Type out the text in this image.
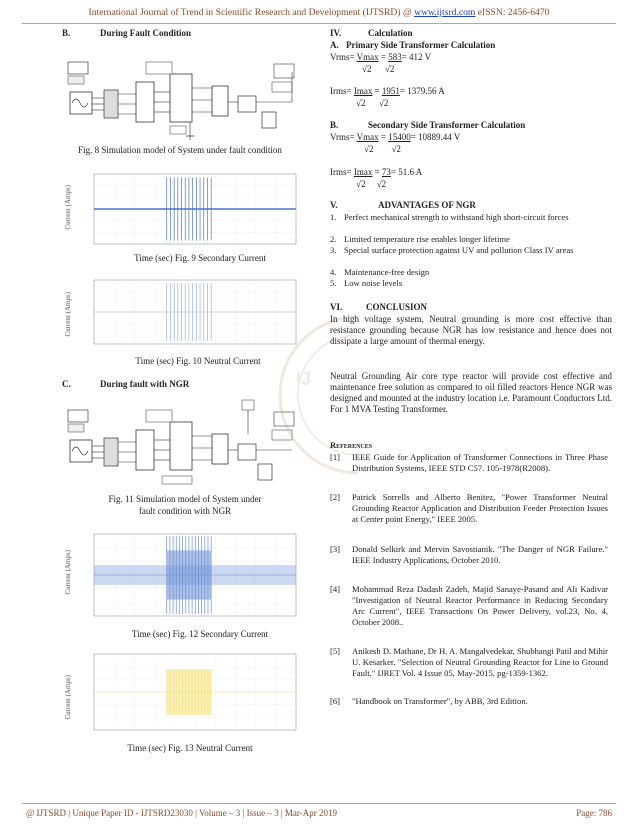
International Journal of Trend in Scientific Research and Development (IJTSRD) @ www.ijtsrd.com eISSN: 2456-6470
B.	During Fault Condition
Fig. 8 Simulation model of System under fault condition
Current (Amps)
Time (sec) Fig. 9 Secondary Current
Current (Amps)
Time (sec) Fig. 10 Neutral Current
C.	During fault with NGR
Fig. 11 Simulation model of System under
fault condition with NGR
Current (Amps)
Time (sec) Fig. 12 Secondary Current
Current (Amps)
Time (sec) Fig. 13 Neutral Current
IJ
IV.	Calculation
A. Primary Side Transformer Calculation
Vrms= Vmax = 583= 412 V
√2      √2
Irms= Imax = 1951= 1379.56 A
√2      √2
B.	Secondary Side Transformer Calculation
Vrms= Vmax = 15400= 10889.44 V
√2        √2
Irms= Imax = 73= 51.6 A
√2     √2
V.	ADVANTAGES OF NGR
1. Perfect mechanical strength to withstand high short-circuit forces
2. Limited temperature rise enables longer lifetime
3. Special surface protection against UV and pollution Class IV areas
4. Maintenance-free design
5. Low noise levels
VI.	CONCLUSION
In high voltage system, Neutral grounding is more cost effective than resistance grounding because NGR has low resistance and hence does not dissipate a large amount of thermal energy.
Neutral Grounding Air core type reactor will provide cost effective and maintenance free solution as compared to oil filled reactors Hence NGR was designed and mounted at the industry location i.e. Paramount Conductors Ltd. For 1 MVA Testing Transformer.
References
[1] IEEE Guide for Application of Transformer Connections in Three Phase Distribution Systems, IEEE STD C57. 105-1978(R2008).
[2] Patrick Sorrells and Alberto Benitez, "Power Transformer Neutral Grounding Reactor Application and Distribution Feeder Protection Issues at Center point Energy," IEEE 2005.
[3] Donald Selkirk and Mervin Savostianik. "The Danger of NGR Failure." IEEE Industry Applications, October 2010.
[4] Mohammad Reza Dadash Zadeh, Majid Sanaye-Pasand and Ali Kadivar "Investigation of Neutral Reactor Performance in Reducing Secondary Arc Current", IEEE Transactions On Power Delivery, vol.23, No. 4, October 2008..
[5] Anikesh D. Mathane, Dr H. A. Mangalvedekar, Shubhangi Patil and Mihir U. Kesarker. "Selection of Neutral Grounding Reactor for Line to Ground Fault." IJRET Vol. 4 Issue 05, May-2015, pg-1359-1362.
[6] "Handbook on Transformer", by ABB, 3rd Edition.
@ IJTSRD | Unique Paper ID - IJTSRD23030 | Volume – 3 | Issue – 3 | Mar-Apr 2019	Page: 786
